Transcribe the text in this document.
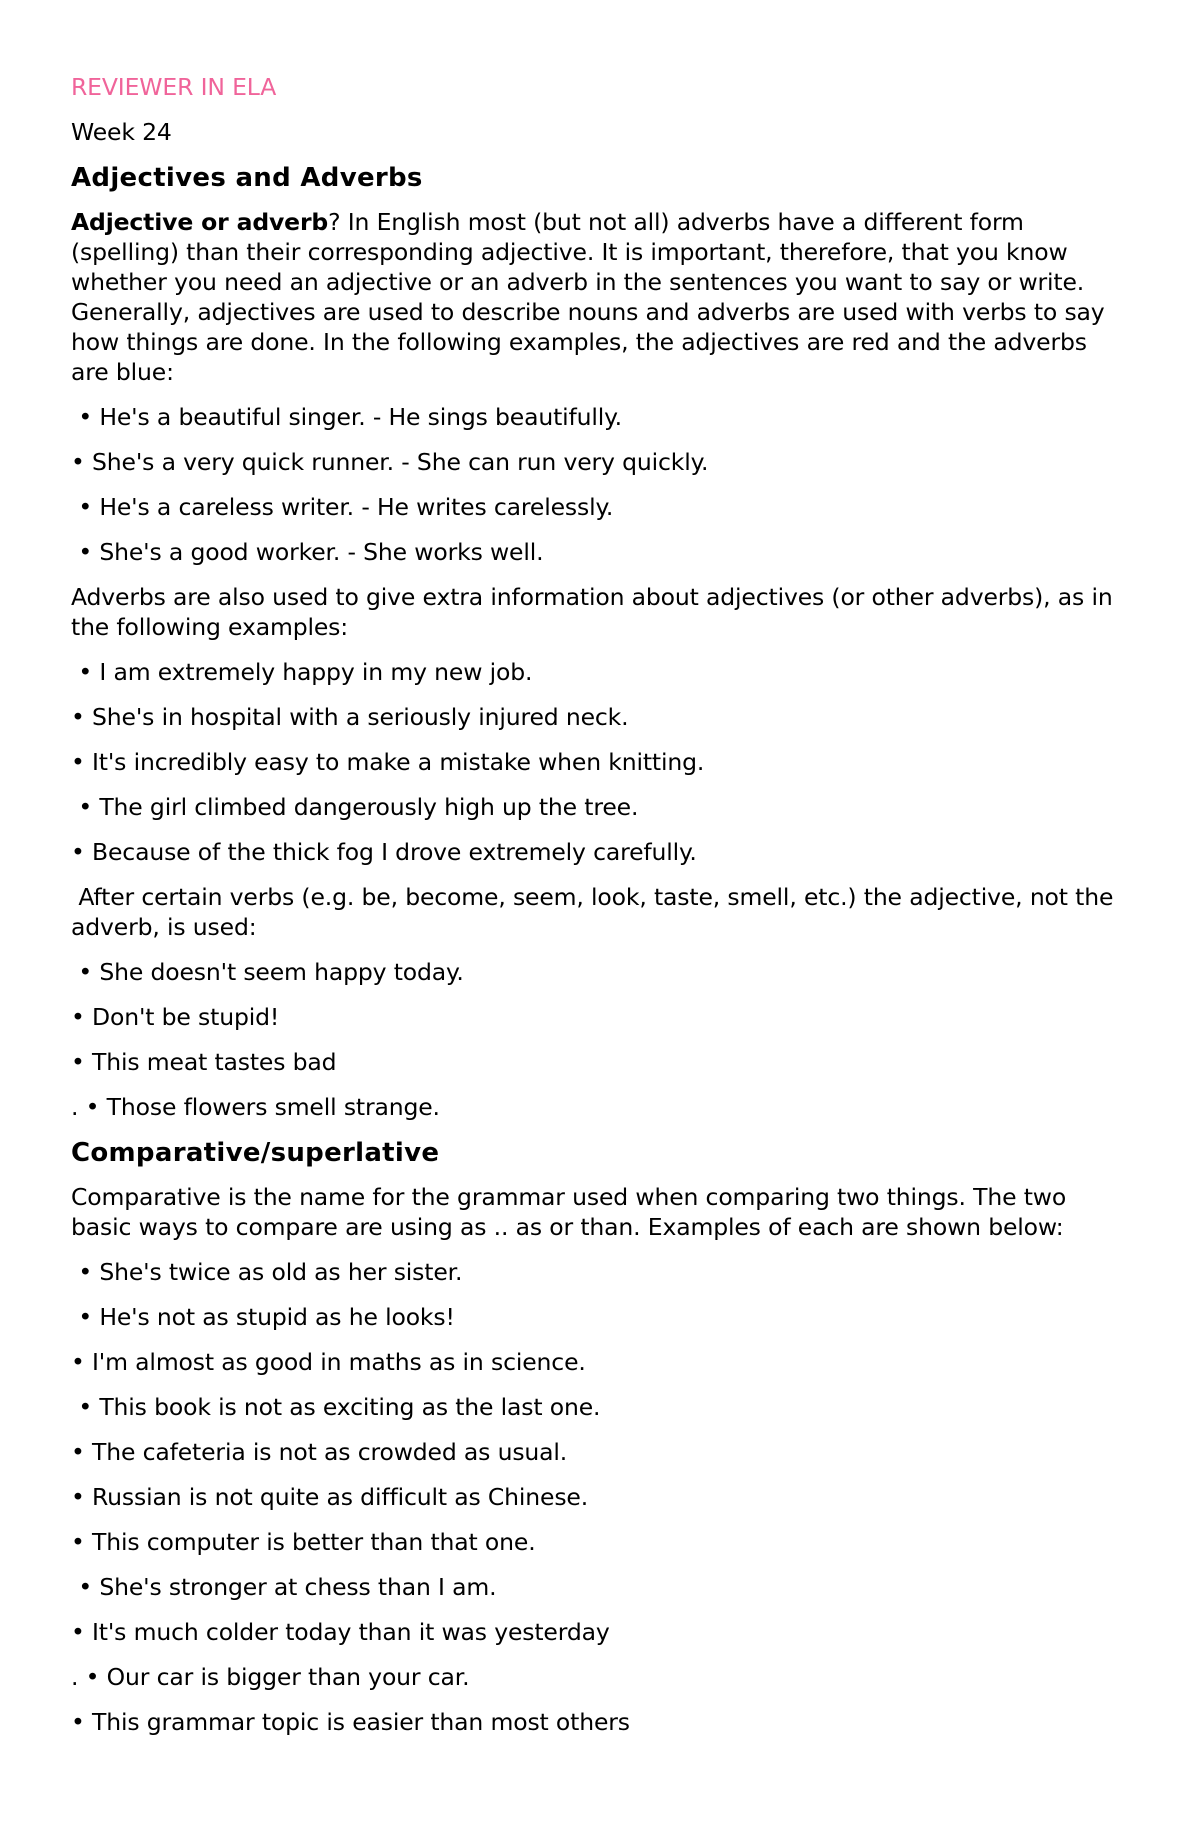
REVIEWER IN ELA

Week 24

Adjectives and Adverbs

Adjective or adverb? In English most (but not all) adverbs have a different form (spelling) than their corresponding adjective. It is important, therefore, that you know whether you need an adjective or an adverb in the sentences you want to say or write. Generally, adjectives are used to describe nouns and adverbs are used with verbs to say how things are done. In the following examples, the adjectives are red and the adverbs are blue:

• He's a beautiful singer. - He sings beautifully.

• She's a very quick runner. - She can run very quickly.

• He's a careless writer. - He writes carelessly.

• She's a good worker. - She works well.

Adverbs are also used to give extra information about adjectives (or other adverbs), as in the following examples:

• I am extremely happy in my new job.

• She's in hospital with a seriously injured neck.

• It's incredibly easy to make a mistake when knitting.

• The girl climbed dangerously high up the tree.

• Because of the thick fog I drove extremely carefully.

After certain verbs (e.g. be, become, seem, look, taste, smell, etc.) the adjective, not the adverb, is used:

• She doesn't seem happy today.

• Don't be stupid!

• This meat tastes bad

. • Those flowers smell strange.

Comparative/superlative

Comparative is the name for the grammar used when comparing two things. The two basic ways to compare are using as .. as or than. Examples of each are shown below:

• She's twice as old as her sister.

• He's not as stupid as he looks!

• I'm almost as good in maths as in science.

• This book is not as exciting as the last one.

• The cafeteria is not as crowded as usual.

• Russian is not quite as difficult as Chinese.

• This computer is better than that one.

• She's stronger at chess than I am.

• It's much colder today than it was yesterday

. • Our car is bigger than your car.

• This grammar topic is easier than most others
